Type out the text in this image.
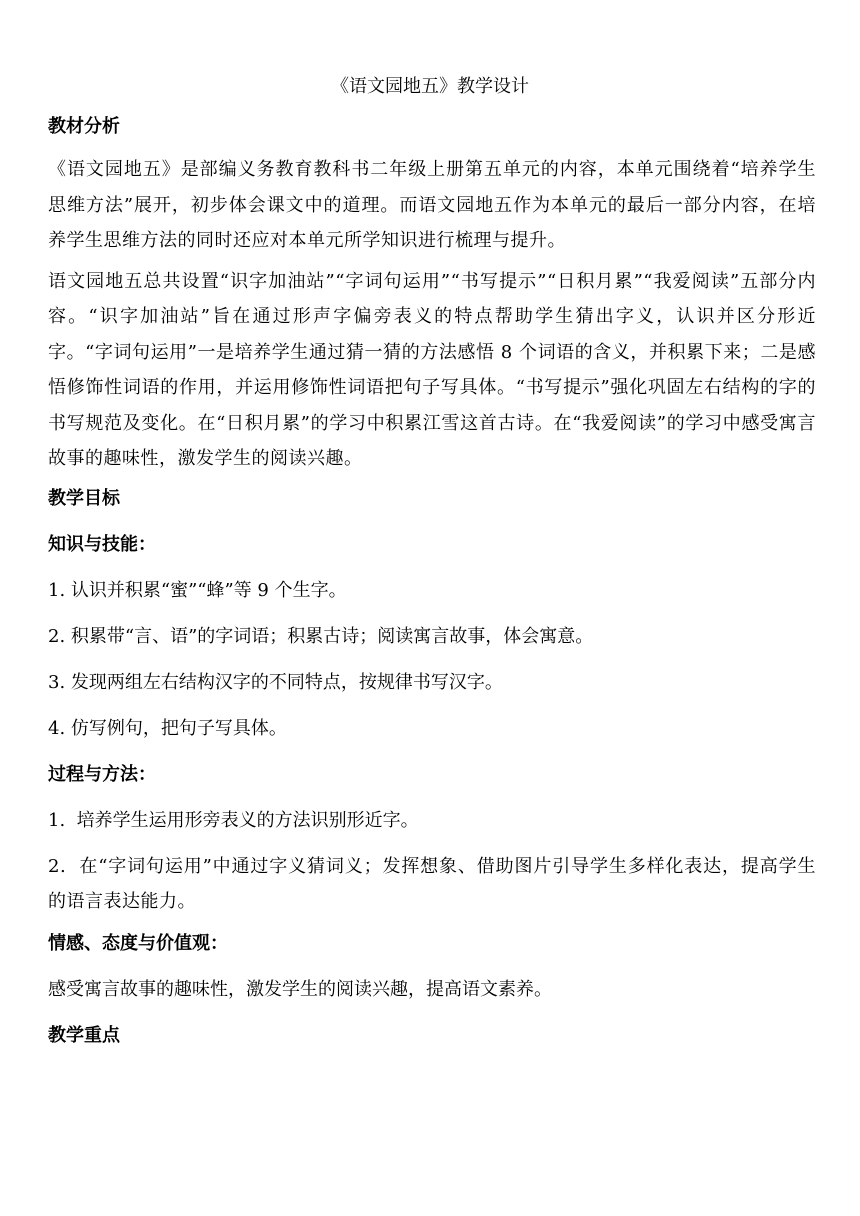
《语文园地五》教学设计
教材分析

《语文园地五》是部编义务教育教科书二年级上册第五单元的内容，本单元围绕着“培养学生思维方法”展开，初步体会课文中的道理。而语文园地五作为本单元的最后一部分内容，在培养学生思维方法的同时还应对本单元所学知识进行梳理与提升。

语文园地五总共设置“识字加油站”“字词句运用”“书写提示”“日积月累”“我爱阅读”五部分内容。“识字加油站”旨在通过形声字偏旁表义的特点帮助学生猜出字义，认识并区分形近字。“字词句运用”一是培养学生通过猜一猜的方法感悟 8 个词语的含义，并积累下来；二是感悟修饰性词语的作用，并运用修饰性词语把句子写具体。“书写提示”强化巩固左右结构的字的书写规范及变化。在“日积月累”的学习中积累江雪这首古诗。在“我爱阅读”的学习中感受寓言故事的趣味性，激发学生的阅读兴趣。

教学目标
知识与技能：

1. 认识并积累“蜜”“蜂”等 9 个生字。

2. 积累带“言、语”的字词语；积累古诗；阅读寓言故事，体会寓意。

3. 发现两组左右结构汉字的不同特点，按规律书写汉字。

4. 仿写例句，把句子写具体。

过程与方法：

1.  培养学生运用形旁表义的方法识别形近字。

2.  在“字词句运用”中通过字义猜词义；发挥想象、借助图片引导学生多样化表达，提高学生的语言表达能力。

情感、态度与价值观：

感受寓言故事的趣味性，激发学生的阅读兴趣，提高语文素养。

教学重点
